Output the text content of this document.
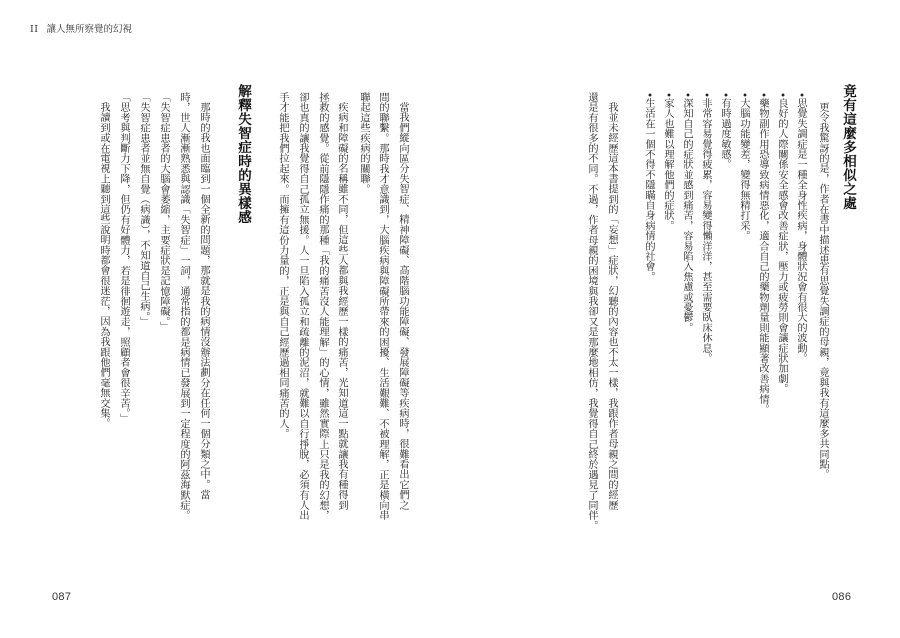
II 讓人無所察覺的幻視
當我們縱向區分失智症、精神障礙、高階腦功能障礙、發展障礙等疾病時，很難看出它們之
間的聯繫。那時我才意識到，大腦疾病與障礙所帶來的困擾、生活艱難、不被理解，正是橫向串
聯起這些疾病的關聯。
疾病和障礙的名稱雖不同，但這些人都與我經歷一樣的痛苦，光知道這一點就讓我有種得到
拯救的感覺。從前隱隱作痛的那種「我的痛苦沒人能理解」的心情，雖然實際上只是我的幻想，
卻也真的讓我覺得自己孤立無援。人一旦陷入孤立和疏離的泥沼，就難以自行掙脫，必須有人出
手才能把我們拉起來。而擁有這份力量的，正是與自己經歷過相同痛苦的人。
解釋失智症時的異樣感
那時的我也面臨到一個全新的問題，那就是我的病情沒辦法劃分在任何一個分類之中。當
時，世人漸漸熟悉與認識「失智症」一詞，通常指的都是病情已發展到一定程度的阿茲海默症。
「失智症患者的大腦會萎縮，主要症狀是記憶障礙。」
「失智症患者並無自覺（病識），不知道自己生病。」
「思考與判斷力下降，但仍有好體力，若是徘徊遊走，照顧者會很辛苦。」
我讀到或在電視上聽到這些說明時都會很迷茫，因為我跟他們毫無交集。
087
竟有這麼多相似之處
更令我驚訝的是，作者在書中描述患有思覺失調症的母親，竟與我有這麼多共同點。
•思覺失調症是一種全身性疾病，身體狀況會有很大的波動。
•良好的人際關係安全感會改善症狀，壓力或疲勞則會讓症狀加劇。
•藥物副作用恐導致病情惡化，適合自己的藥物劑量則能顯著改善病情。
•大腦功能變差，變得無精打采。
•有時過度敏感。
•非常容易覺得疲累，容易變得懶洋洋，甚至需要臥床休息。
•深知自己的症狀並感到痛苦，容易陷入焦慮或憂鬱。
•家人也難以理解他們的症狀。
•生活在一個不得不隱瞞自身病情的社會。
我並未經歷這本書提到的「妄想」症狀，幻聽的內容也不太一樣，我跟作者母親之間的經歷
還是有很多的不同。不過，作者母親的困境與我卻又是那麼地相仿，我覺得自己終於遇見了同伴。
086
